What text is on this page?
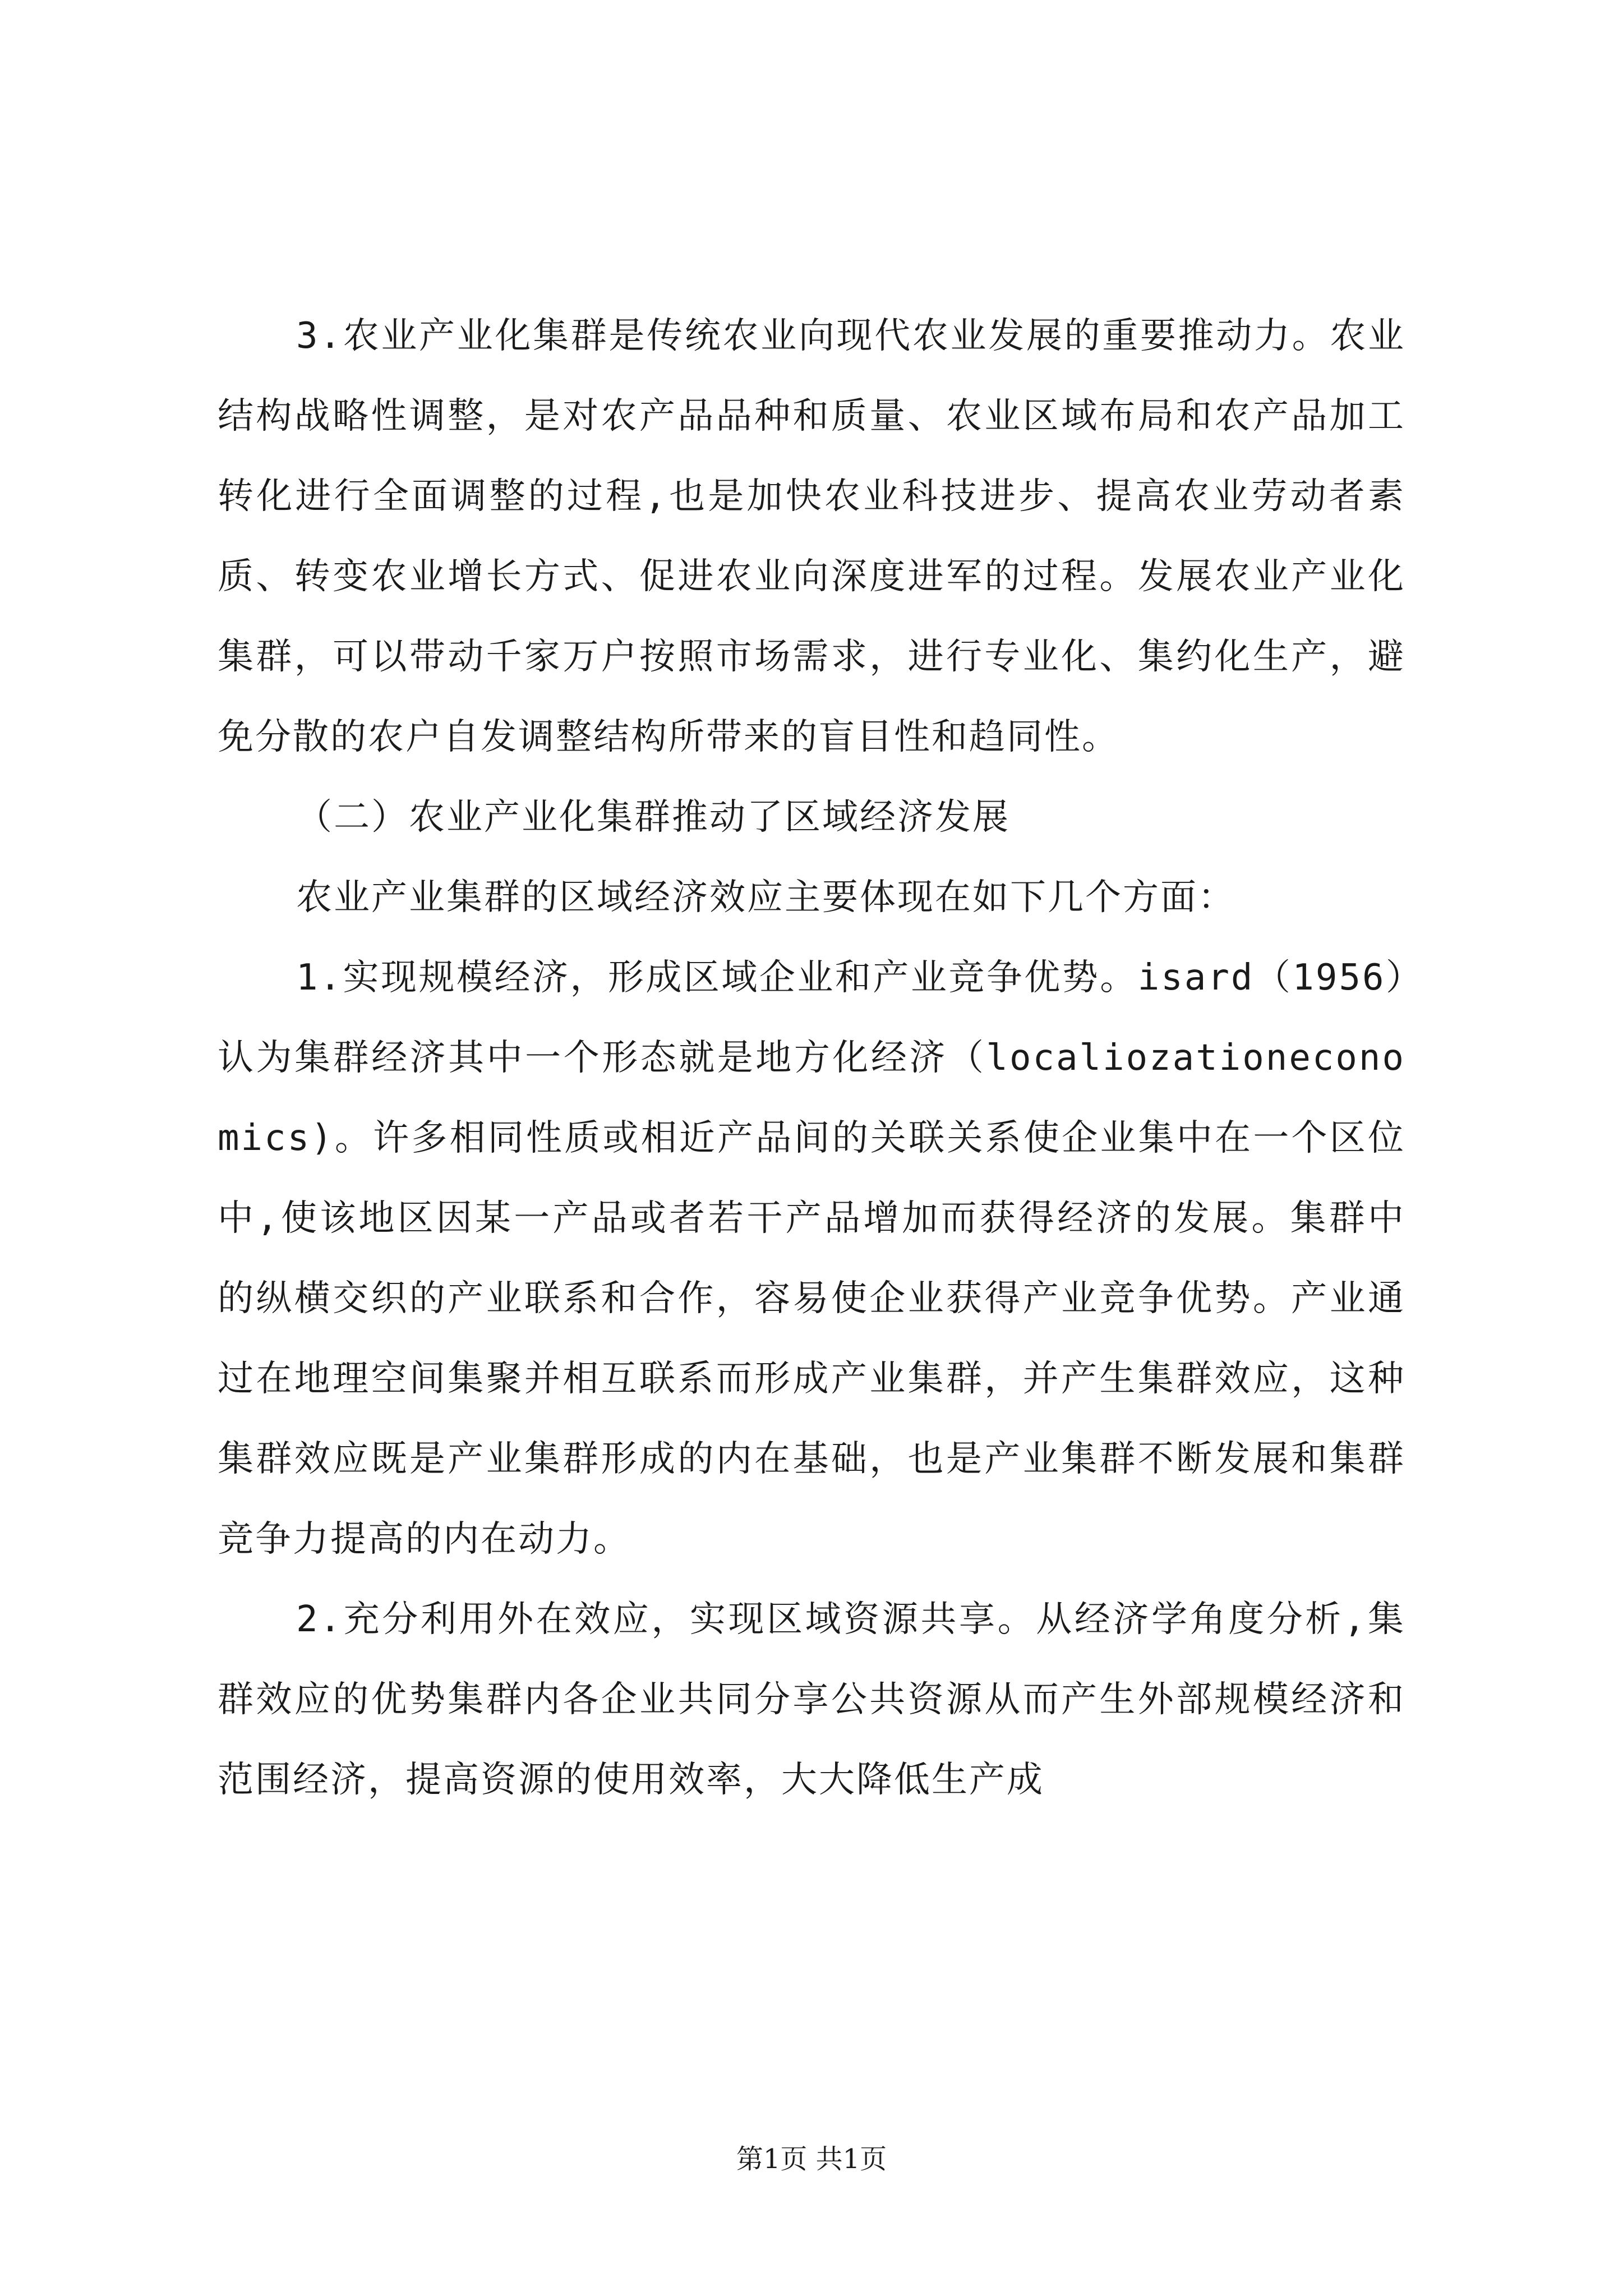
3.农业产业化集群是传统农业向现代农业发展的重要推动力。农业结构战略性调整，是对农产品品种和质量、农业区域布局和农产品加工转化进行全面调整的过程,也是加快农业科技进步、提高农业劳动者素质、转变农业增长方式、促进农业向深度进军的过程。发展农业产业化集群，可以带动千家万户按照市场需求，进行专业化、集约化生产，避免分散的农户自发调整结构所带来的盲目性和趋同性。

（二）农业产业化集群推动了区域经济发展

农业产业集群的区域经济效应主要体现在如下几个方面：

1.实现规模经济，形成区域企业和产业竞争优势。isard（1956）认为集群经济其中一个形态就是地方化经济（localiozationeconomics)。许多相同性质或相近产品间的关联关系使企业集中在一个区位中,使该地区因某一产品或者若干产品增加而获得经济的发展。集群中的纵横交织的产业联系和合作，容易使企业获得产业竞争优势。产业通过在地理空间集聚并相互联系而形成产业集群，并产生集群效应，这种集群效应既是产业集群形成的内在基础，也是产业集群不断发展和集群竞争力提高的内在动力。

2.充分利用外在效应，实现区域资源共享。从经济学角度分析,集群效应的优势集群内各企业共同分享公共资源从而产生外部规模经济和范围经济，提高资源的使用效率，大大降低生产成

第1页 共1页
